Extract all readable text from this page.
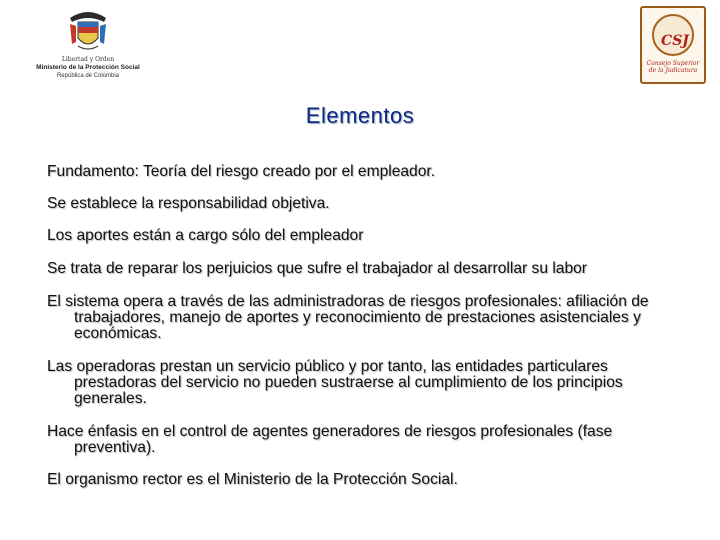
Libertad y Orden
Ministerio de la Protección Social
República de Colombia
CSJ
Consejo Superior de la Judicatura
Elementos

Fundamento: Teoría del riesgo creado por el empleador.

Se establece la responsabilidad objetiva.

Los aportes están a cargo sólo del empleador

Se trata de reparar los perjuicios que sufre el trabajador al desarrollar su labor

El sistema opera a través de las administradoras de riesgos profesionales: afiliación de trabajadores, manejo de aportes y reconocimiento de prestaciones asistenciales y económicas.

Las operadoras prestan un servicio público y por tanto, las entidades particulares prestadoras del servicio no pueden sustraerse al cumplimiento de los principios generales.

Hace énfasis en el control de agentes generadores de riesgos profesionales (fase preventiva).

El organismo rector es el Ministerio de la Protección Social.
